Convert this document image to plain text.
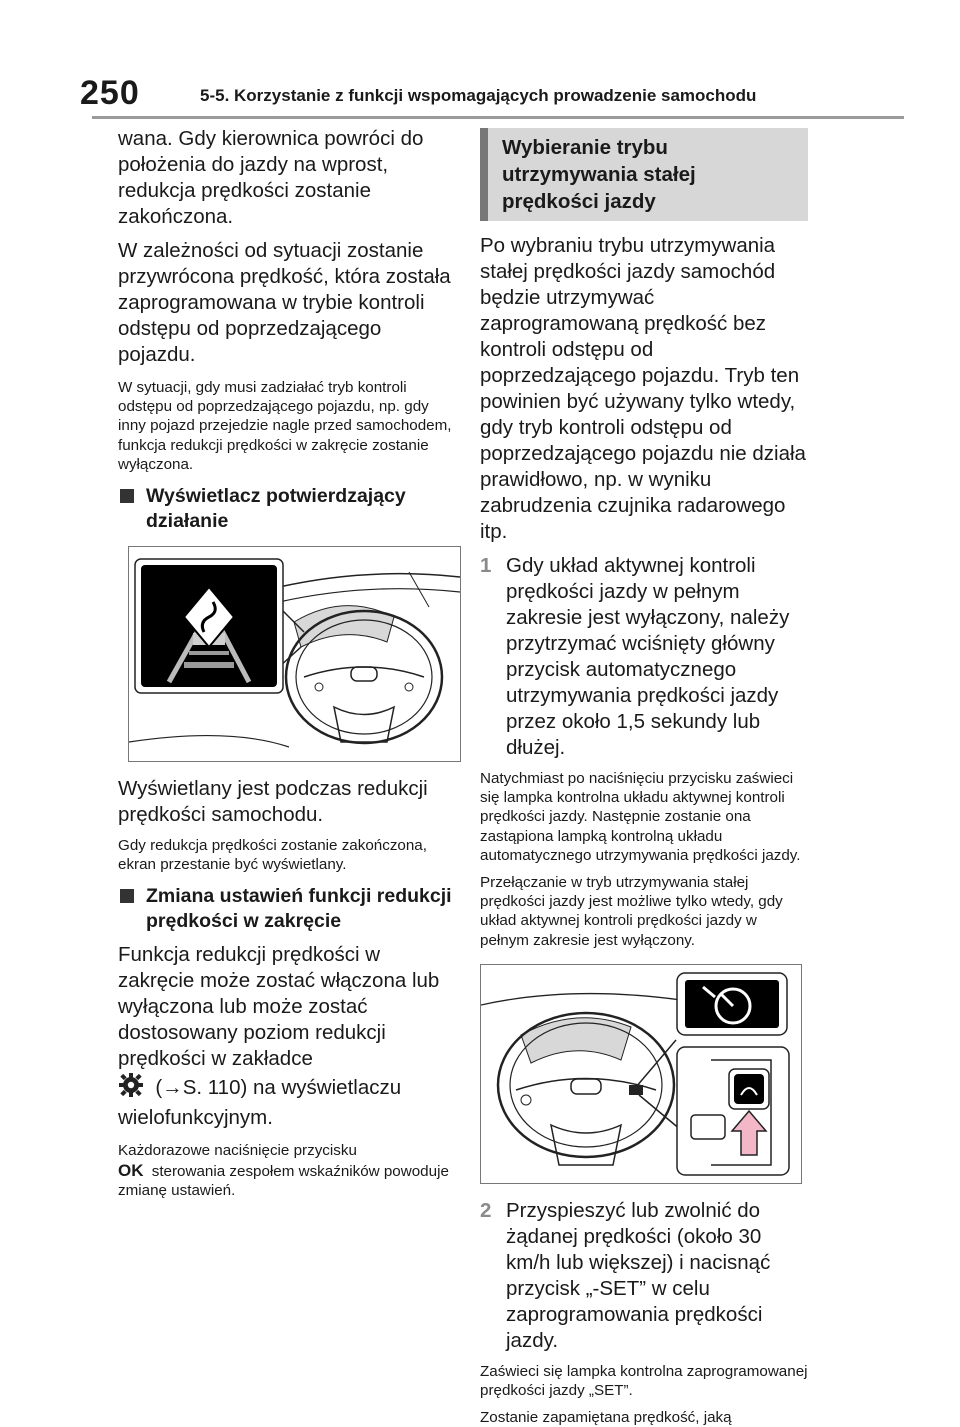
250	5-5. Korzystanie z funkcji wspomagających prowadzenie samochodu

wana. Gdy kierownica powróci do położenia do jazdy na wprost, redukcja prędkości zostanie zakończona.

W zależności od sytuacji zostanie przywrócona prędkość, która została zaprogramowana w trybie kontroli odstępu od poprzedzającego pojazdu.

W sytuacji, gdy musi zadziałać tryb kontroli odstępu od poprzedzającego pojazdu, np. gdy inny pojazd przejedzie nagle przed samochodem, funkcja redukcji prędkości w zakręcie zostanie wyłączona.

Wyświetlacz potwierdzający działanie

Wyświetlany jest podczas redukcji prędkości samochodu.

Gdy redukcja prędkości zostanie zakończona, ekran przestanie być wyświetlany.

Zmiana ustawień funkcji redukcji prędkości w zakręcie

Funkcja redukcji prędkości w zakręcie może zostać włączona lub wyłączona lub może zostać dostosowany poziom redukcji prędkości w zakładce
(→S. 110) na wyświetlaczu wielofunkcyjnym.

Każdorazowe naciśnięcie przycisku
OK sterowania zespołem wskaźników powoduje zmianę ustawień.

Wybieranie trybu utrzymywania stałej prędkości jazdy

Po wybraniu trybu utrzymywania stałej prędkości jazdy samochód będzie utrzymywać zaprogramowaną prędkość bez kontroli odstępu od poprzedzającego pojazdu. Tryb ten powinien być używany tylko wtedy, gdy tryb kontroli odstępu od poprzedzającego pojazdu nie działa prawidłowo, np. w wyniku zabrudzenia czujnika radarowego itp.

1 Gdy układ aktywnej kontroli prędkości jazdy w pełnym zakresie jest wyłączony, należy przytrzymać wciśnięty główny przycisk automatycznego utrzymywania prędkości jazdy przez około 1,5 sekundy lub dłużej.

Natychmiast po naciśnięciu przycisku zaświeci się lampka kontrolna układu aktywnej kontroli prędkości jazdy. Następnie zostanie ona zastąpiona lampką kontrolną układu automatycznego utrzymywania prędkości jazdy.

Przełączanie w tryb utrzymywania stałej prędkości jazdy jest możliwe tylko wtedy, gdy układ aktywnej kontroli prędkości jazdy w pełnym zakresie jest wyłączony.

2 Przyspieszyć lub zwolnić do żądanej prędkości (około 30 km/h lub większej) i nacisnąć przycisk „-SET” w celu zaprogramowania prędkości jazdy.

Zaświeci się lampka kontrolna zaprogramowanej prędkości jazdy „SET”.

Zostanie zapamiętana prędkość, jaką
